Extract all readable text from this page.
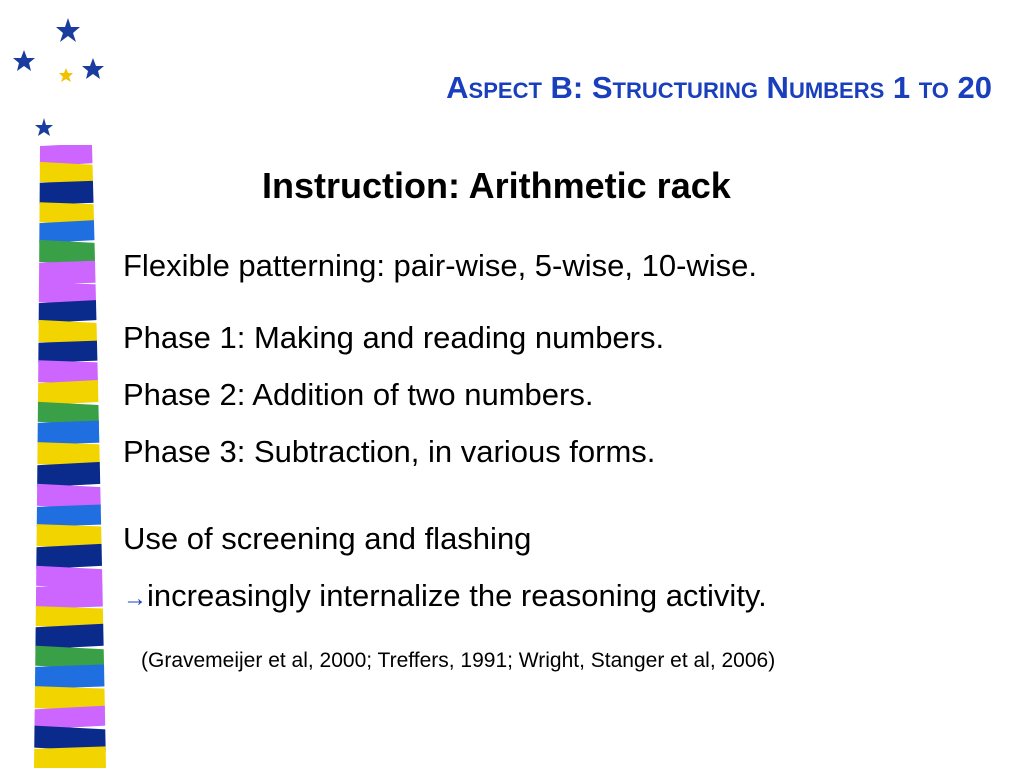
Aspect B: Structuring Numbers 1 to 20
Instruction: Arithmetic rack
Flexible patterning: pair-wise, 5-wise, 10-wise.
Phase 1: Making and reading numbers.
Phase 2: Addition of two numbers.
Phase 3: Subtraction, in various forms.
Use of screening and flashing
→increasingly internalize the reasoning activity.
(Gravemeijer et al, 2000; Treffers, 1991; Wright, Stanger et al, 2006)
